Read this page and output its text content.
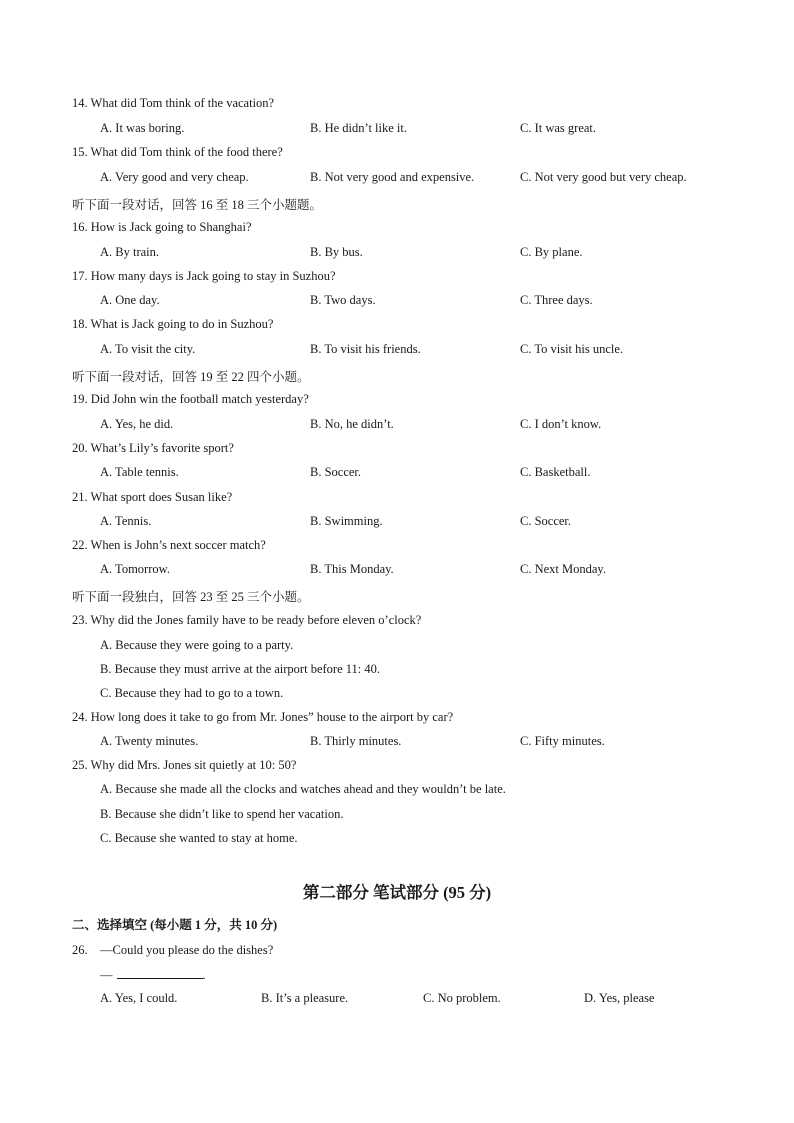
14. What did Tom think of the vacation?
A. It was boring.	B. He didn’t like it.	C. It was great.
15. What did Tom think of the food there?
A. Very good and very cheap.	B. Not very good and expensive.	C. Not very good but very cheap.
听下面一段对话，回答 16 至 18 三个小题题。
16. How is Jack going to Shanghai?
A. By train.	B. By bus.	C. By plane.
17. How many days is Jack going to stay in Suzhou?
A. One day.	B. Two days.	C. Three days.
18. What is Jack going to do in Suzhou?
A. To visit the city.	B. To visit his friends.	C. To visit his uncle.
听下面一段对话，回答 19 至 22 四个小题。
19. Did John win the football match yesterday?
A. Yes, he did.	B. No, he didn’t.	C. I don’t know.
20. What’s Lily’s favorite sport?
A. Table tennis.	B. Soccer.	C. Basketball.
21. What sport does Susan like?
A. Tennis.	B. Swimming.	C. Soccer.
22. When is John’s next soccer match?
A. Tomorrow.	B. This Monday.	C. Next Monday.
听下面一段独白，回答 23 至 25 三个小题。
23. Why did the Jones family have to be ready before eleven o’clock?
A. Because they were going to a party.
B. Because they must arrive at the airport before 11: 40.
C. Because they had to go to a town.
24. How long does it take to go from Mr. Jones” house to the airport by car?
A. Twenty minutes.	B. Thirly minutes.	C. Fifty minutes.
25. Why did Mrs. Jones sit quietly at 10: 50?
A. Because she made all the clocks and watches ahead and they wouldn’t be late.
B. Because she didn’t like to spend her vacation.
C. Because she wanted to stay at home.
第二部分 笔试部分 (95 分)
二、选择填空 (每小题 1 分，共 10 分)
26. —Could you please do the dishes?
—	.
A. Yes, I could.	B. It’s a pleasure.	C. No problem.	D. Yes, please
